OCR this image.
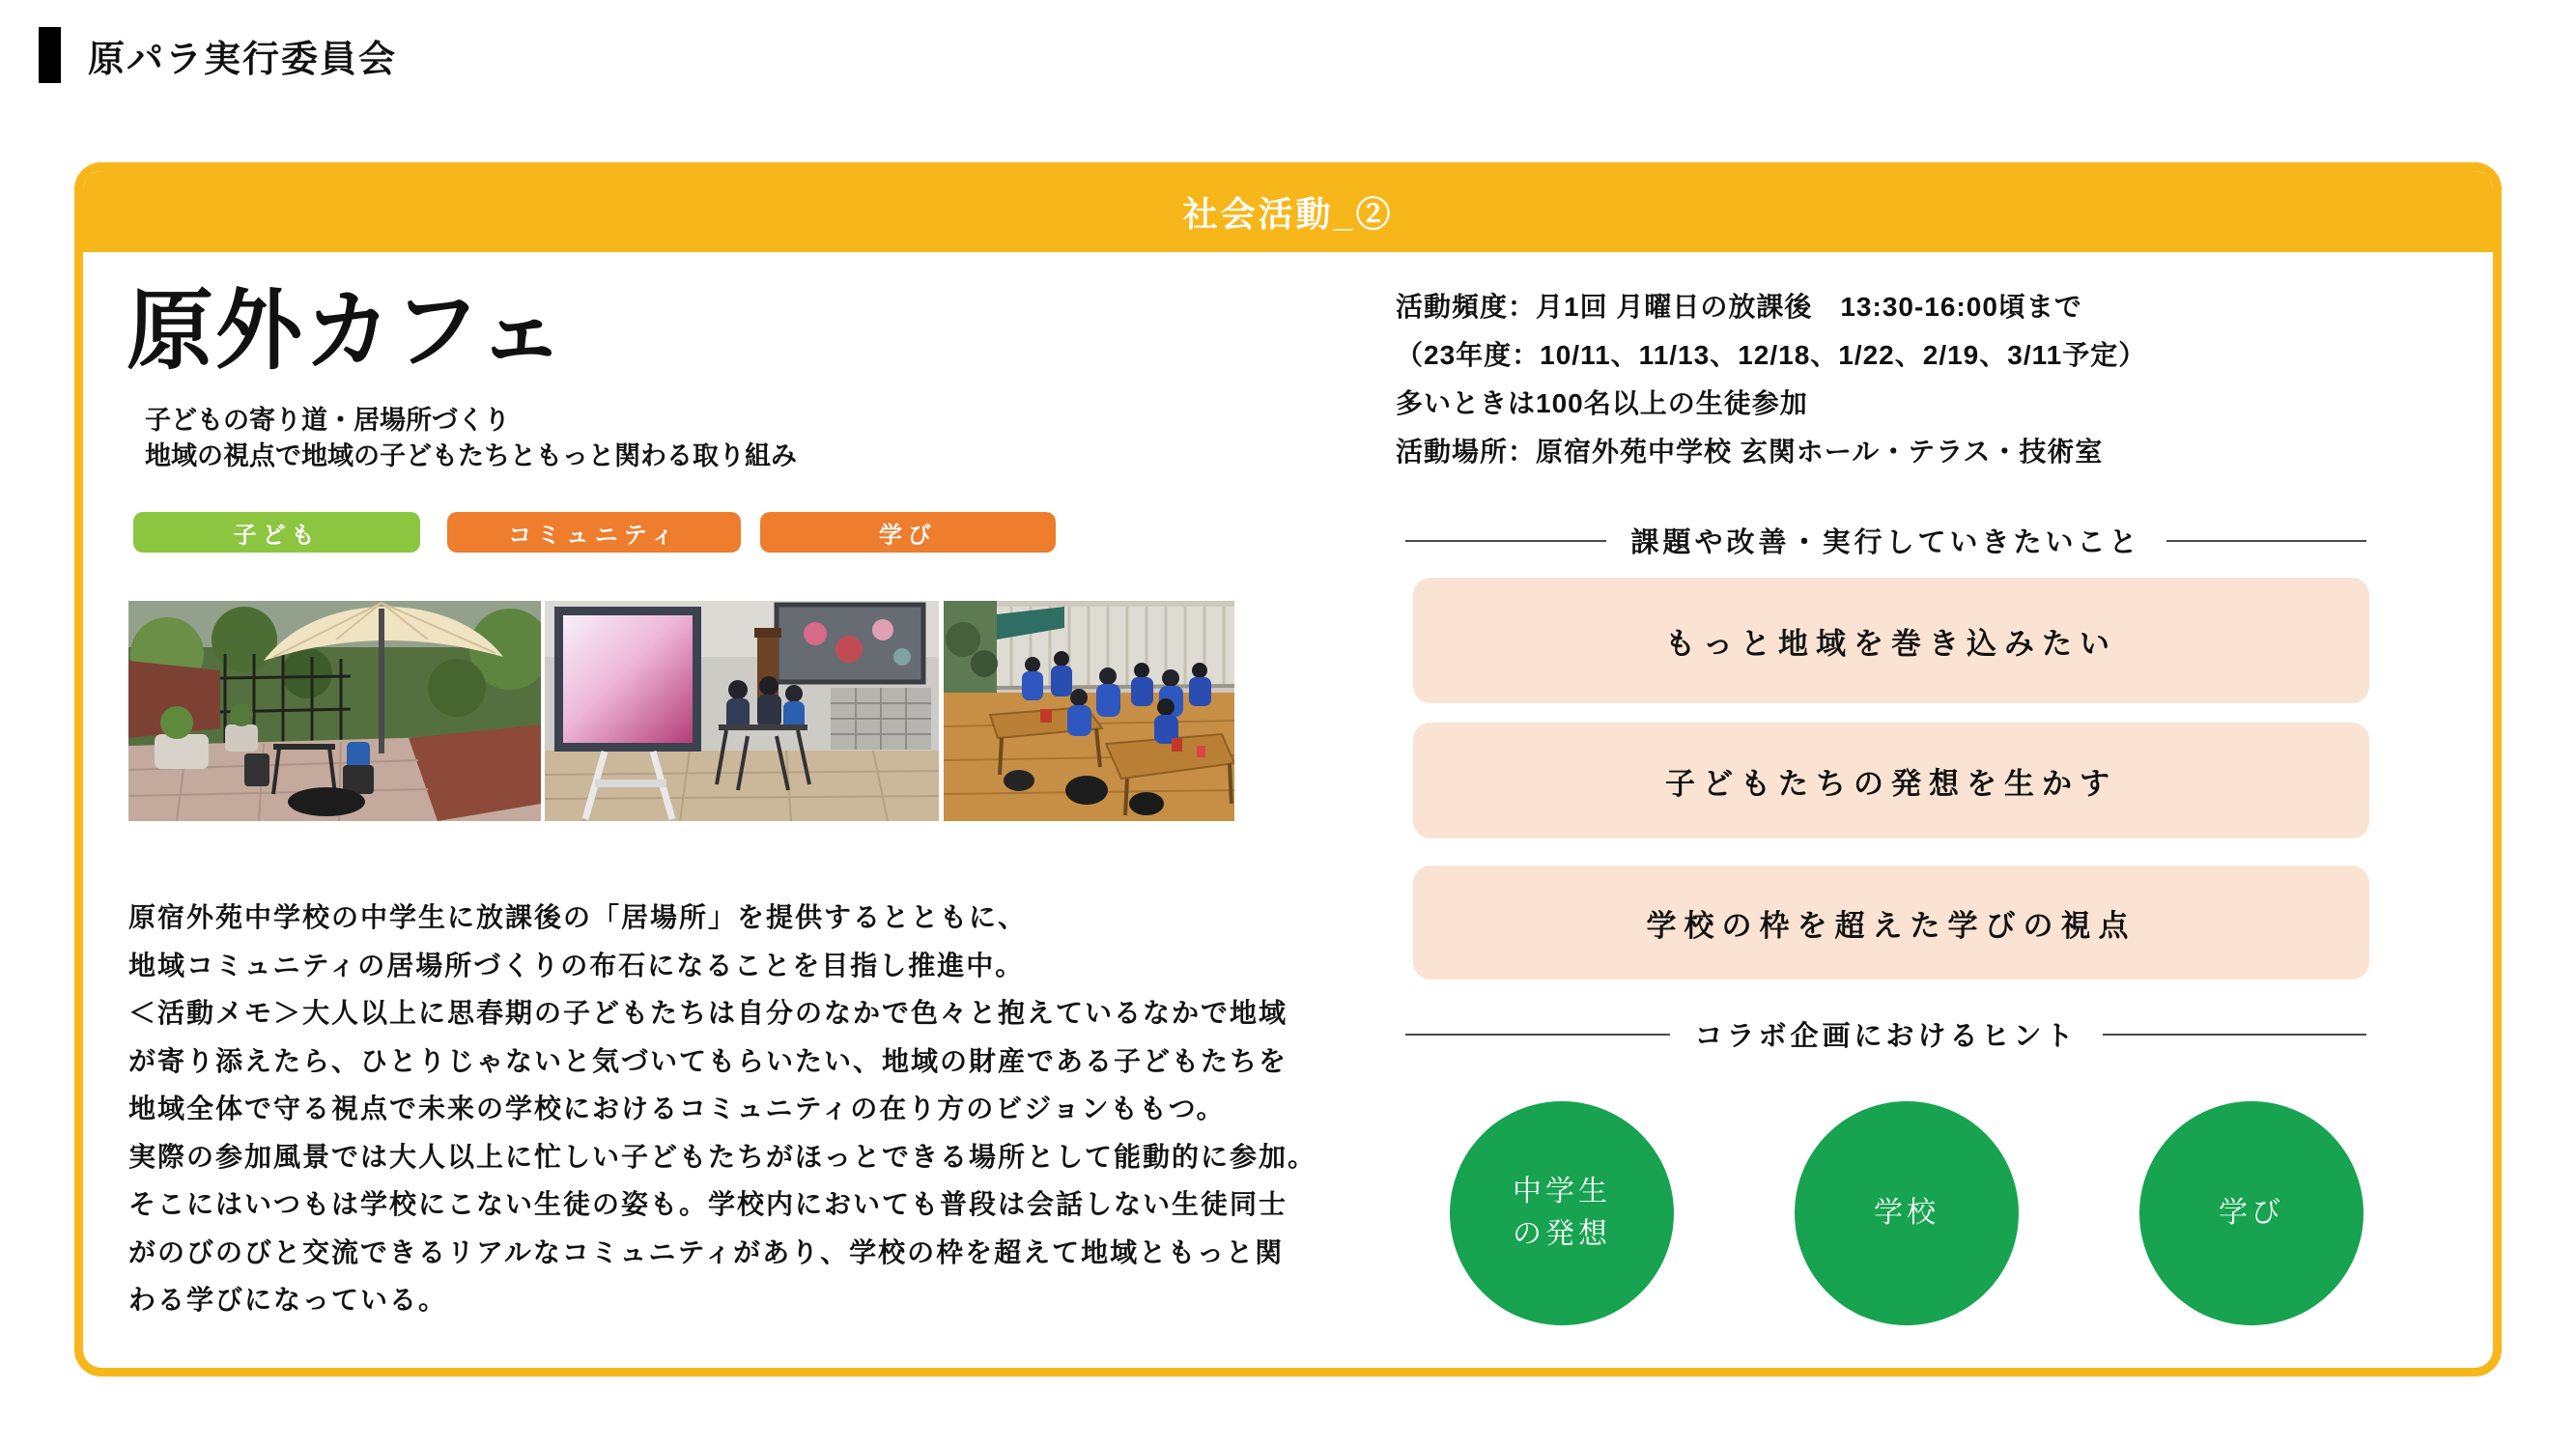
原パラ実行委員会
社会活動_②
原外カフェ
子どもの寄り道・居場所づくり
地域の視点で地域の子どもたちともっと関わる取り組み
子ども	コミュニティ	学び
原宿外苑中学校の中学生に放課後の「居場所」を提供するとともに、
地域コミュニティの居場所づくりの布石になることを目指し推進中。
＜活動メモ＞大人以上に思春期の子どもたちは自分のなかで色々と抱えているなかで地域
が寄り添えたら、ひとりじゃないと気づいてもらいたい、地域の財産である子どもたちを
地域全体で守る視点で未来の学校におけるコミュニティの在り方のビジョンももつ。
実際の参加風景では大人以上に忙しい子どもたちがほっとできる場所として能動的に参加。
そこにはいつもは学校にこない生徒の姿も。学校内においても普段は会話しない生徒同士
がのびのびと交流できるリアルなコミュニティがあり、学校の枠を超えて地域ともっと関
わる学びになっている。
活動頻度：月1回 月曜日の放課後　13:30-16:00頃まで
（23年度：10/11、11/13、12/18、1/22、2/19、3/11予定）
多いときは100名以上の生徒参加
活動場所：原宿外苑中学校 玄関ホール・テラス・技術室
課題や改善・実行していきたいこと
もっと地域を巻き込みたい
子どもたちの発想を生かす
学校の枠を超えた学びの視点
コラボ企画におけるヒント
中学生
の発想
学校	学び
